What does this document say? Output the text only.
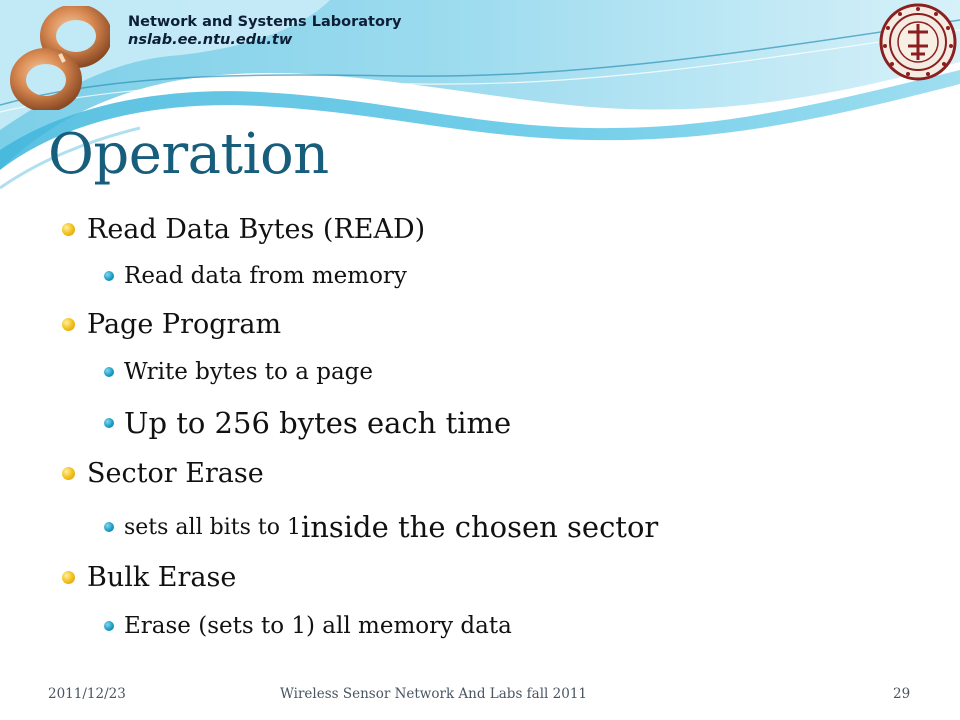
Network and Systems Laboratory
nslab.ee.ntu.edu.tw
Operation
Read Data Bytes (READ)
Read data from memory
Page Program
Write bytes to a page
Up to 256 bytes each time
Sector Erase
sets all bits to 1 inside the chosen sector
Bulk Erase
Erase (sets to 1) all memory data
2011/12/23	Wireless Sensor Network And Labs fall 2011	29
